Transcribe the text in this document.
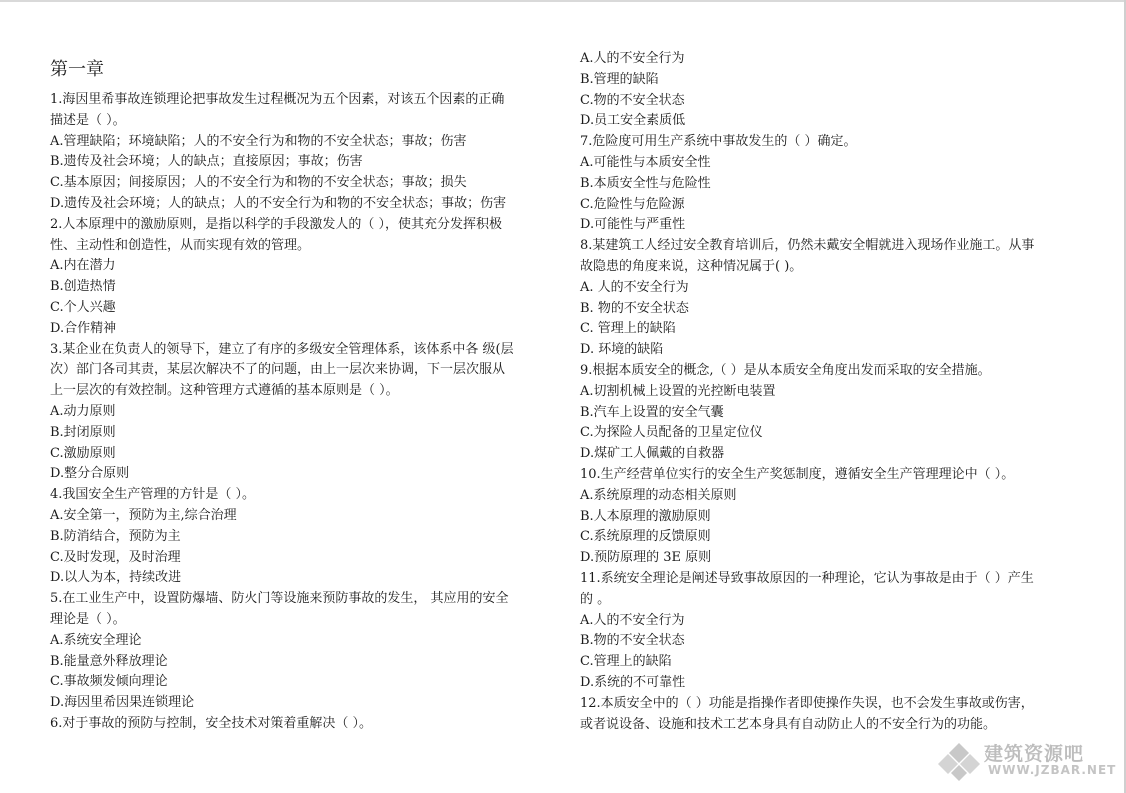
第一章
1.海因里希事故连锁理论把事故发生过程概况为五个因素，对该五个因素的正确
描述是（ ）。
A.管理缺陷；环境缺陷；人的不安全行为和物的不安全状态；事故；伤害
B.遗传及社会环境；人的缺点；直接原因；事故；伤害
C.基本原因；间接原因；人的不安全行为和物的不安全状态；事故；损失
D.遗传及社会环境；人的缺点；人的不安全行为和物的不安全状态；事故；伤害
2.人本原理中的激励原则，是指以科学的手段激发人的（ ），使其充分发挥积极
性、主动性和创造性，从而实现有效的管理。
A.内在潜力
B.创造热情
C.个人兴趣
D.合作精神
3.某企业在负责人的领导下，建立了有序的多级安全管理体系，该体系中各 级(层
次）部门各司其责，某层次解决不了的问题，由上一层次来协调，下一层次服从
上一层次的有效控制。这种管理方式遵循的基本原则是（ ）。
A.动力原则
B.封闭原则
C.激励原则
D.整分合原则
4.我国安全生产管理的方针是（ ）。
A.安全第一，预防为主,综合治理
B.防消结合，预防为主
C.及时发现，及时治理
D.以人为本，持续改进
5.在工业生产中，设置防爆墙、防火门等设施来预防事故的发生， 其应用的安全
理论是（ ）。
A.系统安全理论
B.能量意外释放理论
C.事故频发倾向理论
D.海因里希因果连锁理论
6.对于事故的预防与控制，安全技术对策着重解决（ ）。
A.人的不安全行为
B.管理的缺陷
C.物的不安全状态
D.员工安全素质低
7.危险度可用生产系统中事故发生的（ ）确定。
A.可能性与本质安全性
B.本质安全性与危险性
C.危险性与危险源
D.可能性与严重性
8.某建筑工人经过安全教育培训后，仍然未戴安全帽就进入现场作业施工。从事
故隐患的角度来说，这种情况属于( )。
A. 人的不安全行为
B. 物的不安全状态
C. 管理上的缺陷
D. 环境的缺陷
9.根据本质安全的概念,（ ）是从本质安全角度出发而采取的安全措施。
A.切割机械上设置的光控断电装置
B.汽车上设置的安全气囊
C.为探险人员配备的卫星定位仪
D.煤矿工人佩戴的自救器
10.生产经营单位实行的安全生产奖惩制度，遵循安全生产管理理论中（ ）。
A.系统原理的动态相关原则
B.人本原理的激励原则
C.系统原理的反馈原则
D.预防原理的 3E 原则
11.系统安全理论是阐述导致事故原因的一种理论，它认为事故是由于（ ）产生
的 。
A.人的不安全行为
B.物的不安全状态
C.管理上的缺陷
D.系统的不可靠性
12.本质安全中的（ ）功能是指操作者即使操作失误，也不会发生事故或伤害，
或者说设备、设施和技术工艺本身具有自动防止人的不安全行为的功能。
建筑资源吧
WWW.JZBAR.NET
